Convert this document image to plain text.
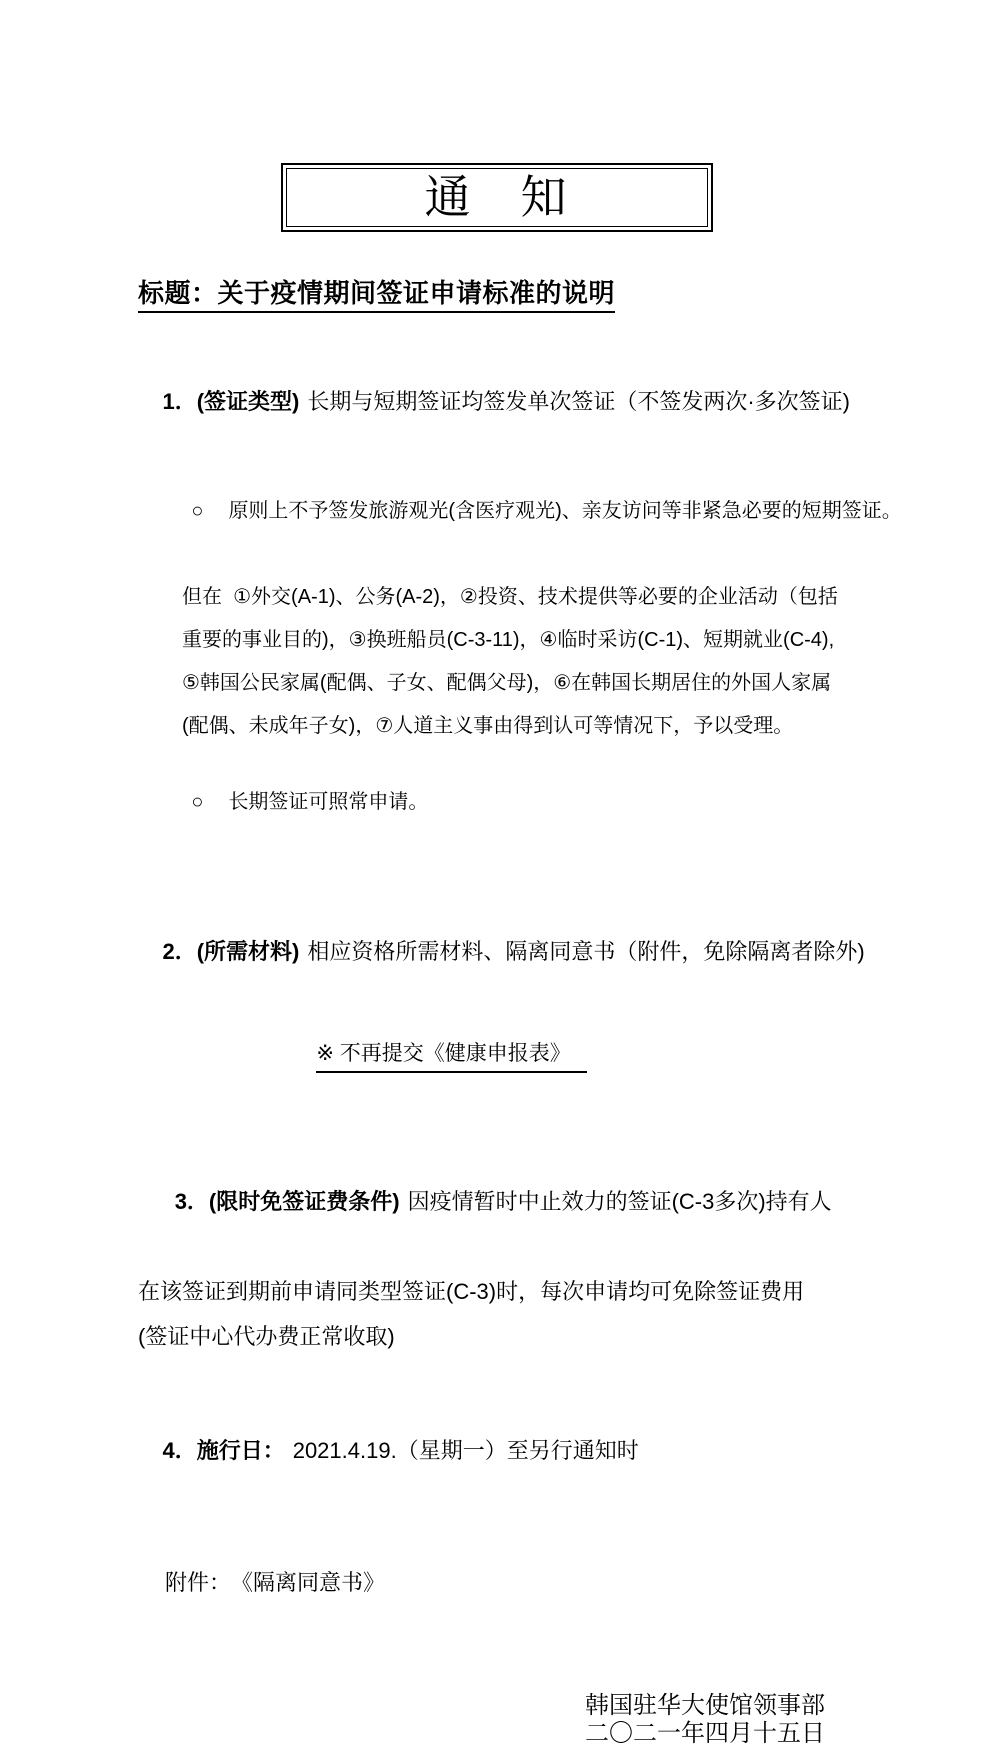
通　知
标题：关于疫情期间签证申请标准的说明

1．(签证类型) 长期与短期签证均签发单次签证（不签发两次·多次签证)

○ 原则上不予签发旅游观光(含医疗观光)、亲友访问等非紧急必要的短期签证。

但在  ①外交(A-1)、公务(A-2)，②投资、技术提供等必要的企业活动（包括
重要的事业目的)，③换班船员(C-3-11)，④临时采访(C-1)、短期就业(C-4),
⑤韩国公民家属(配偶、子女、配偶父母)，⑥在韩国长期居住的外国人家属
(配偶、未成年子女)，⑦人道主义事由得到认可等情况下，予以受理。

○ 长期签证可照常申请。

2．(所需材料) 相应资格所需材料、隔离同意书（附件，免除隔离者除外)

※ 不再提交《健康申报表》

3．(限时免签证费条件) 因疫情暂时中止效力的签证(C-3多次)持有人

在该签证到期前申请同类型签证(C-3)时，每次申请均可免除签证费用
(签证中心代办费正常收取)

4．施行日： 2021.4.19.（星期一）至另行通知时

附件：　《隔离同意书》
韩国驻华大使馆领事部
二〇二一年四月十五日
